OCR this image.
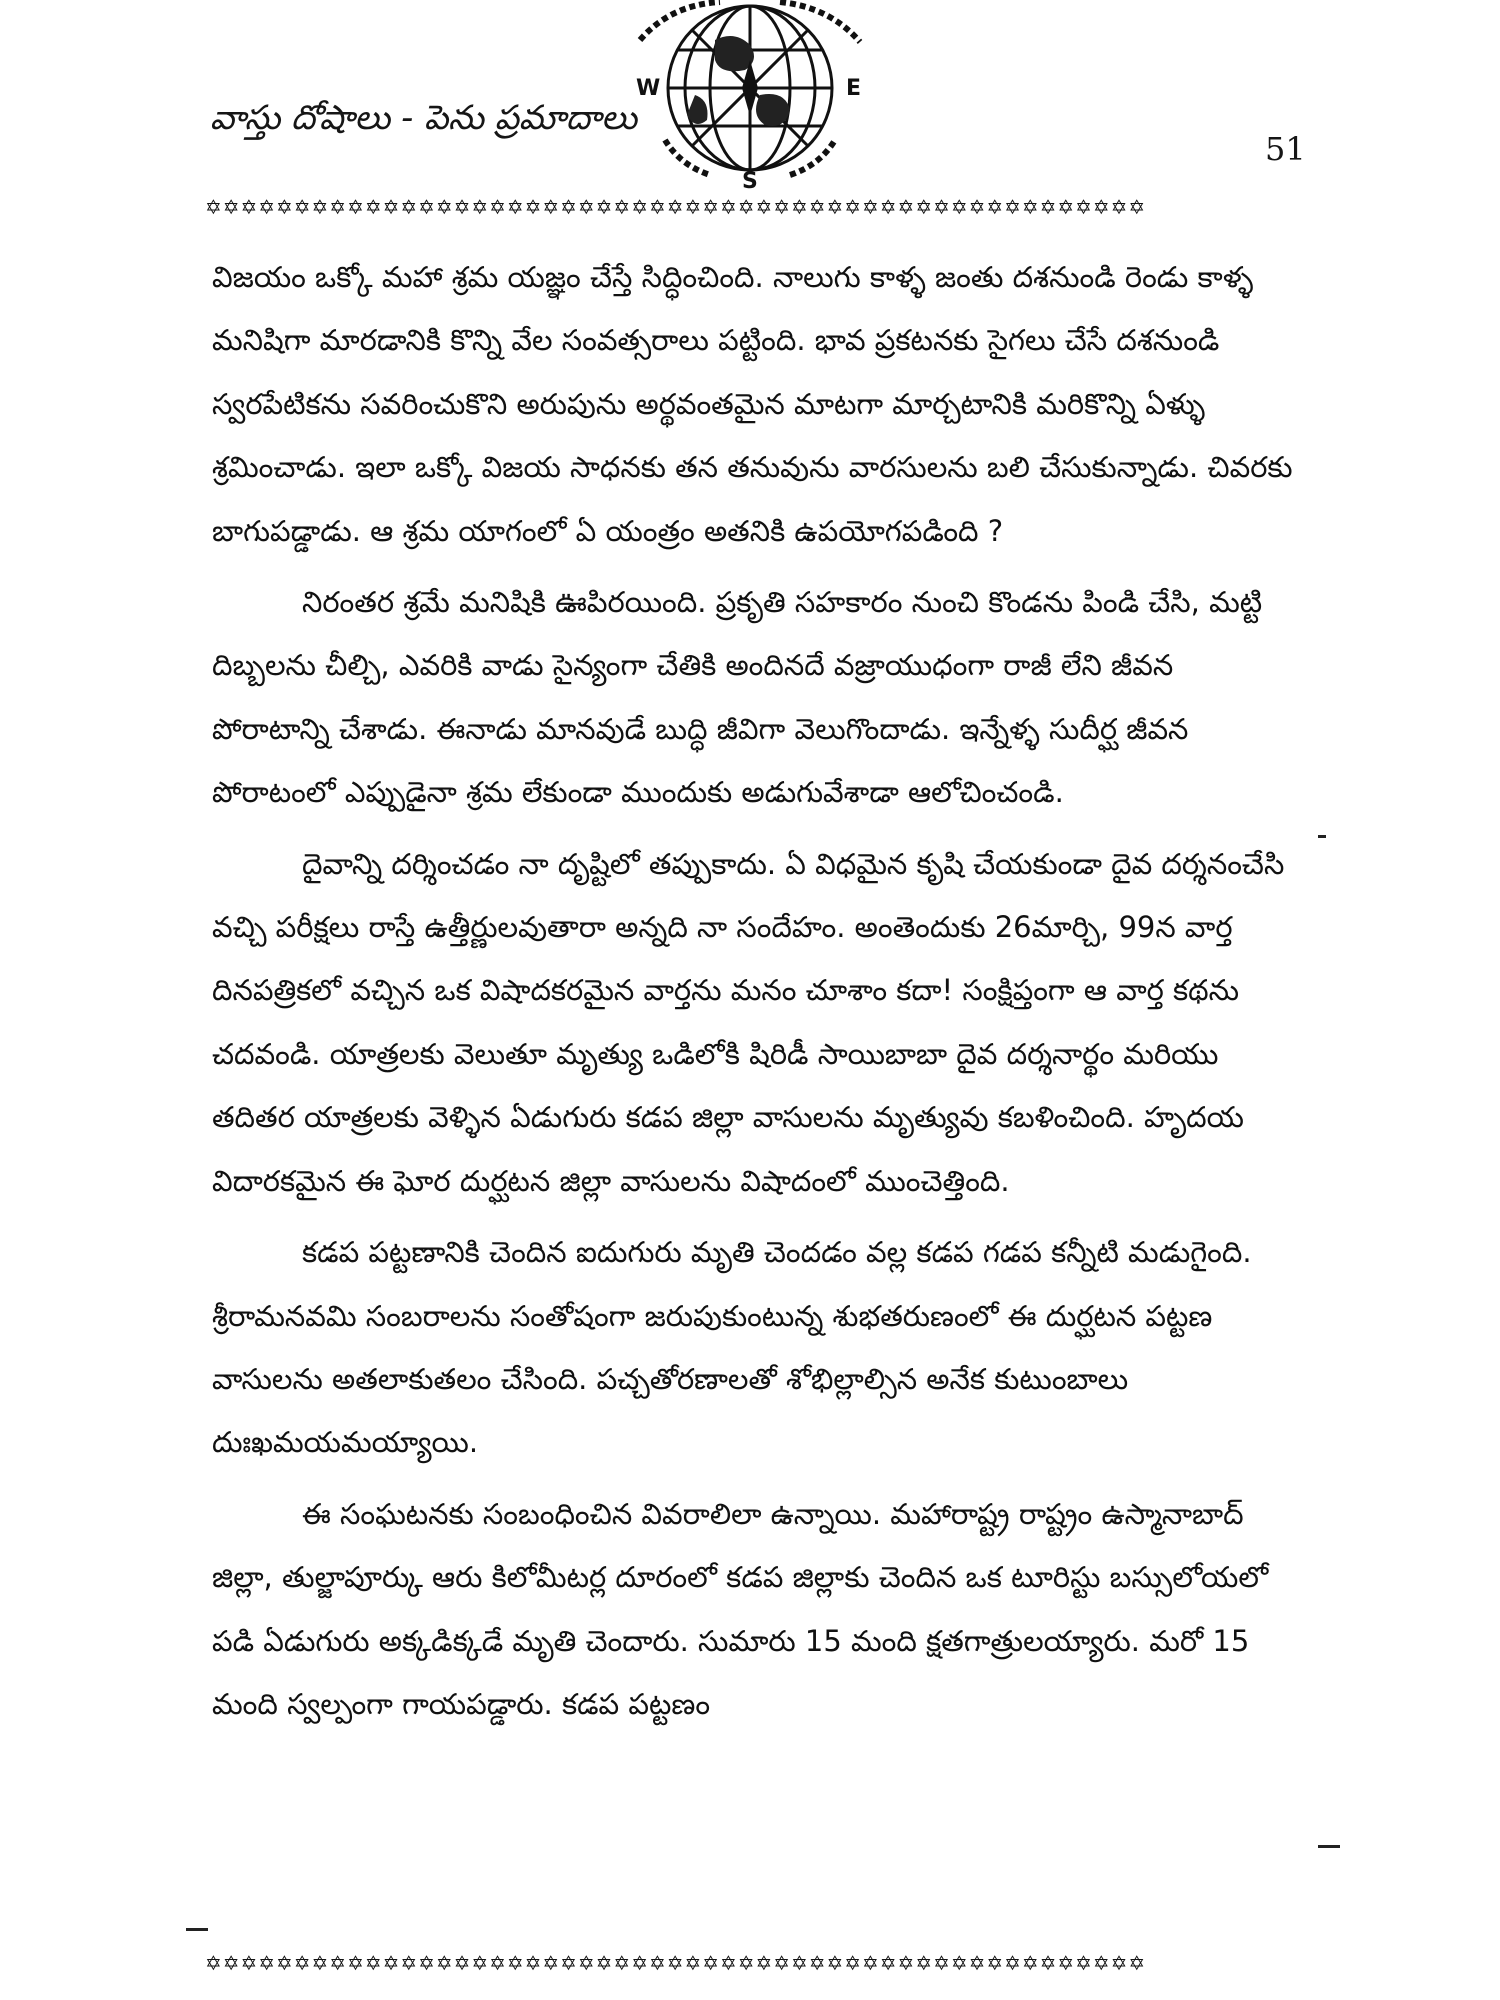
వాస్తు దోషాలు - పెను ప్రమాదాలు
W	E
S
51
✡✡✡✡✡✡✡✡✡✡✡✡✡✡✡✡✡✡✡✡✡✡✡✡✡✡✡✡✡✡✡✡✡✡✡✡✡✡✡✡✡✡✡✡✡✡✡✡✡✡✡✡✡

విజయం ఒక్కో మహా శ్రమ యజ్ఞం చేస్తే సిద్ధించింది. నాలుగు కాళ్ళ జంతు దశనుండి రెండు కాళ్ళ మనిషిగా మారడానికి కొన్ని వేల సంవత్సరాలు పట్టింది. భావ ప్రకటనకు సైగలు చేసే దశనుండి స్వరపేటికను సవరించుకొని అరుపును అర్థవంతమైన మాటగా మార్చటానికి మరికొన్ని ఏళ్ళు శ్రమించాడు. ఇలా ఒక్కో విజయ సాధనకు తన తనువును వారసులను బలి చేసుకున్నాడు. చివరకు బాగుపడ్డాడు. ఆ శ్రమ యాగంలో ఏ యంత్రం అతనికి ఉపయోగపడింది ?

నిరంతర శ్రమే మనిషికి ఊపిరయింది. ప్రకృతి సహకారం నుంచి కొండను పిండి చేసి, మట్టి దిబ్బలను చీల్చి, ఎవరికి వాడు సైన్యంగా చేతికి అందినదే వజ్రాయుధంగా రాజీ లేని జీవన పోరాటాన్ని చేశాడు. ఈనాడు మానవుడే బుద్ధి జీవిగా వెలుగొందాడు. ఇన్నేళ్ళ సుదీర్ఘ జీవన పోరాటంలో ఎప్పుడైనా శ్రమ లేకుండా ముందుకు అడుగువేశాడా ఆలోచించండి.

దైవాన్ని దర్శించడం నా దృష్టిలో తప్పుకాదు. ఏ విధమైన కృషి చేయకుండా దైవ దర్శనంచేసి వచ్చి పరీక్షలు రాస్తే ఉత్తీర్ణులవుతారా అన్నది నా సందేహం. అంతెందుకు 26మార్చి, 99న వార్త దినపత్రికలో వచ్చిన ఒక విషాదకరమైన వార్తను మనం చూశాం కదా! సంక్షిప్తంగా ఆ వార్త కథను చదవండి. యాత్రలకు వెలుతూ మృత్యు ఒడిలోకి షిరిడీ సాయిబాబా దైవ దర్శనార్థం మరియు తదితర యాత్రలకు వెళ్ళిన ఏడుగురు కడప జిల్లా వాసులను మృత్యువు కబళించింది. హృదయ విదారకమైన ఈ ఘోర దుర్ఘటన జిల్లా వాసులను విషాదంలో ముంచెత్తింది.

కడప పట్టణానికి చెందిన ఐదుగురు మృతి చెందడం వల్ల కడప గడప కన్నీటి మడుగైంది. శ్రీరామనవమి సంబరాలను సంతోషంగా జరుపుకుంటున్న శుభతరుణంలో ఈ దుర్ఘటన పట్టణ వాసులను అతలాకుతలం చేసింది. పచ్చతోరణాలతో శోభిల్లాల్సిన అనేక కుటుంబాలు దుఃఖమయమయ్యాయి.

ఈ సంఘటనకు సంబంధించిన వివరాలిలా ఉన్నాయి. మహారాష్ట్ర రాష్ట్రం ఉస్మానాబాద్ జిల్లా, తుల్జాపూర్కు ఆరు కిలోమీటర్ల దూరంలో కడప జిల్లాకు చెందిన ఒక టూరిస్టు బస్సులోయలో పడి ఏడుగురు అక్కడిక్కడే మృతి చెందారు. సుమారు 15 మంది క్షతగాత్రులయ్యారు. మరో 15 మంది స్వల్పంగా గాయపడ్డారు. కడప పట్టణం

✡✡✡✡✡✡✡✡✡✡✡✡✡✡✡✡✡✡✡✡✡✡✡✡✡✡✡✡✡✡✡✡✡✡✡✡✡✡✡✡✡✡✡✡✡✡✡✡✡✡✡✡✡
